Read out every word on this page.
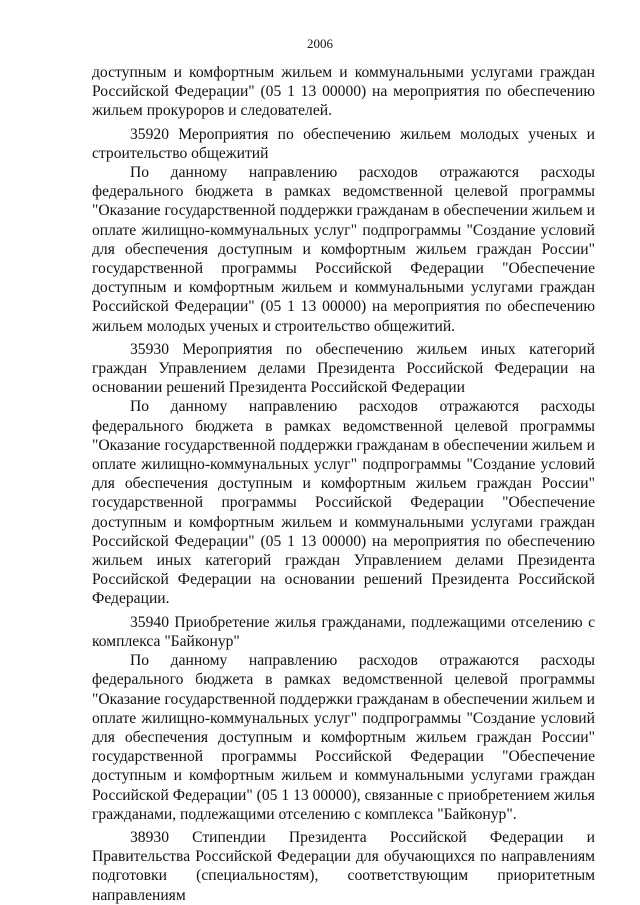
2006

доступным и комфортным жильем и коммунальными услугами граждан Российской Федерации" (05 1 13 00000) на мероприятия по обеспечению жильем прокуроров и следователей.

35920 Мероприятия по обеспечению жильем молодых ученых и строительство общежитий

По данному направлению расходов отражаются расходы федерального бюджета в рамках ведомственной целевой программы "Оказание государственной поддержки гражданам в обеспечении жильем и оплате жилищно-коммунальных услуг" подпрограммы "Создание условий для обеспечения доступным и комфортным жильем граждан России" государственной программы Российской Федерации "Обеспечение доступным и комфортным жильем и коммунальными услугами граждан Российской Федерации" (05 1 13 00000) на мероприятия по обеспечению жильем молодых ученых и строительство общежитий.

35930 Мероприятия по обеспечению жильем иных категорий граждан Управлением делами Президента Российской Федерации на основании решений Президента Российской Федерации

По данному направлению расходов отражаются расходы федерального бюджета в рамках ведомственной целевой программы "Оказание государственной поддержки гражданам в обеспечении жильем и оплате жилищно-коммунальных услуг" подпрограммы "Создание условий для обеспечения доступным и комфортным жильем граждан России" государственной программы Российской Федерации "Обеспечение доступным и комфортным жильем и коммунальными услугами граждан Российской Федерации" (05 1 13 00000) на мероприятия по обеспечению жильем иных категорий граждан Управлением делами Президента Российской Федерации на основании решений Президента Российской Федерации.

35940 Приобретение жилья гражданами, подлежащими отселению с комплекса "Байконур"

По данному направлению расходов отражаются расходы федерального бюджета в рамках ведомственной целевой программы "Оказание государственной поддержки гражданам в обеспечении жильем и оплате жилищно-коммунальных услуг" подпрограммы "Создание условий для обеспечения доступным и комфортным жильем граждан России" государственной программы Российской Федерации "Обеспечение доступным и комфортным жильем и коммунальными услугами граждан Российской Федерации" (05 1 13 00000), связанные с приобретением жилья гражданами, подлежащими отселению с комплекса "Байконур".

38930 Стипендии Президента Российской Федерации и Правительства Российской Федерации для обучающихся по направлениям подготовки (специальностям), соответствующим приоритетным направлениям
